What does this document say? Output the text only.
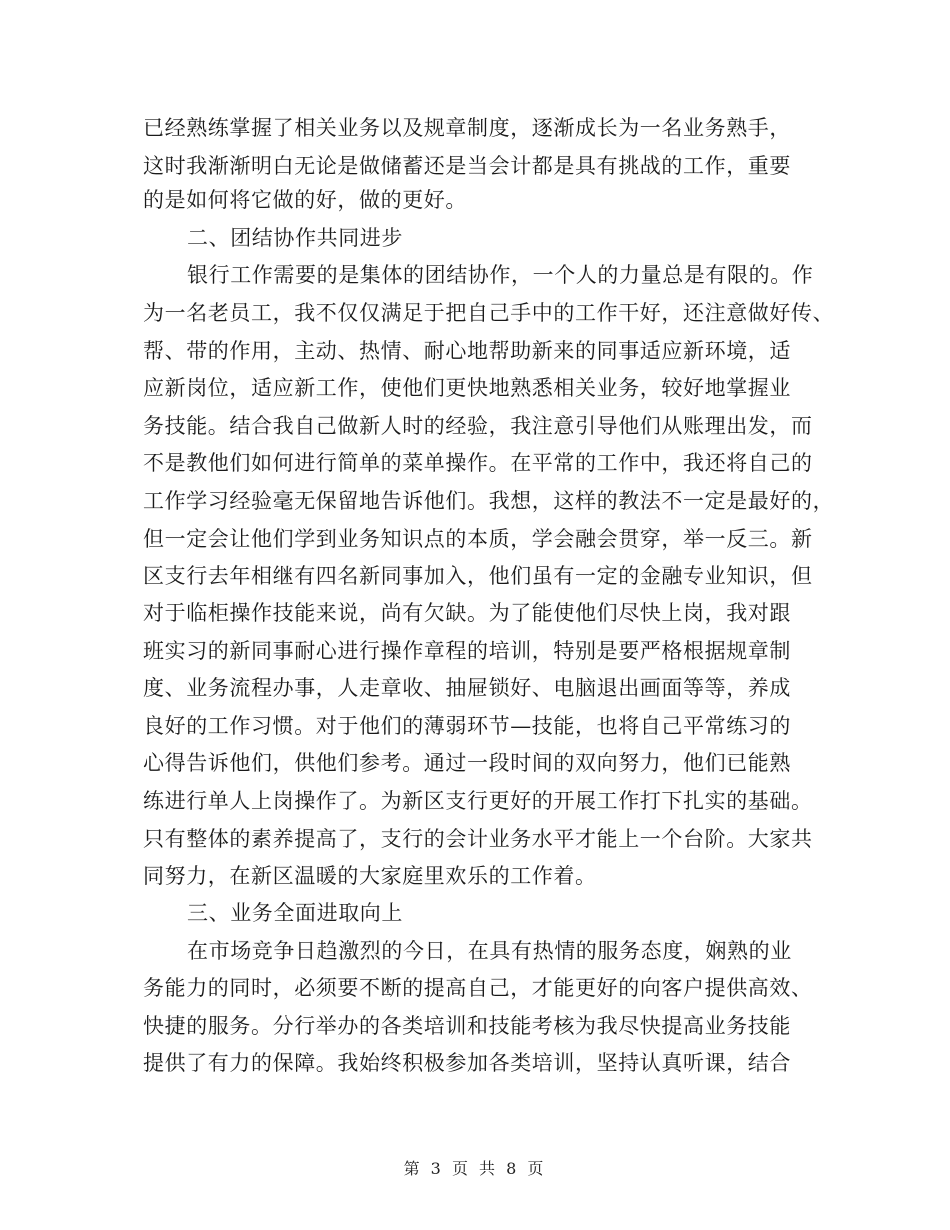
已经熟练掌握了相关业务以及规章制度，逐渐成长为一名业务熟手，
这时我渐渐明白无论是做储蓄还是当会计都是具有挑战的工作，重要
的是如何将它做的好，做的更好。
二、团结协作共同进步
银行工作需要的是集体的团结协作，一个人的力量总是有限的。作
为一名老员工，我不仅仅满足于把自己手中的工作干好，还注意做好传、
帮、带的作用，主动、热情、耐心地帮助新来的同事适应新环境，适
应新岗位，适应新工作，使他们更快地熟悉相关业务，较好地掌握业
务技能。结合我自己做新人时的经验，我注意引导他们从账理出发，而
不是教他们如何进行简单的菜单操作。在平常的工作中，我还将自己的
工作学习经验毫无保留地告诉他们。我想，这样的教法不一定是最好的，
但一定会让他们学到业务知识点的本质，学会融会贯穿，举一反三。新
区支行去年相继有四名新同事加入，他们虽有一定的金融专业知识，但
对于临柜操作技能来说，尚有欠缺。为了能使他们尽快上岗，我对跟
班实习的新同事耐心进行操作章程的培训，特别是要严格根据规章制
度、业务流程办事，人走章收、抽屉锁好、电脑退出画面等等，养成
良好的工作习惯。对于他们的薄弱环节—技能，也将自己平常练习的
心得告诉他们，供他们参考。通过一段时间的双向努力，他们已能熟
练进行单人上岗操作了。为新区支行更好的开展工作打下扎实的基础。
只有整体的素养提高了，支行的会计业务水平才能上一个台阶。大家共
同努力，在新区温暖的大家庭里欢乐的工作着。
三、业务全面进取向上
在市场竞争日趋激烈的今日，在具有热情的服务态度，娴熟的业
务能力的同时，必须要不断的提高自己，才能更好的向客户提供高效、
快捷的服务。分行举办的各类培训和技能考核为我尽快提高业务技能
提供了有力的保障。我始终积极参加各类培训，坚持认真听课，结合
第 3 页 共 8 页
